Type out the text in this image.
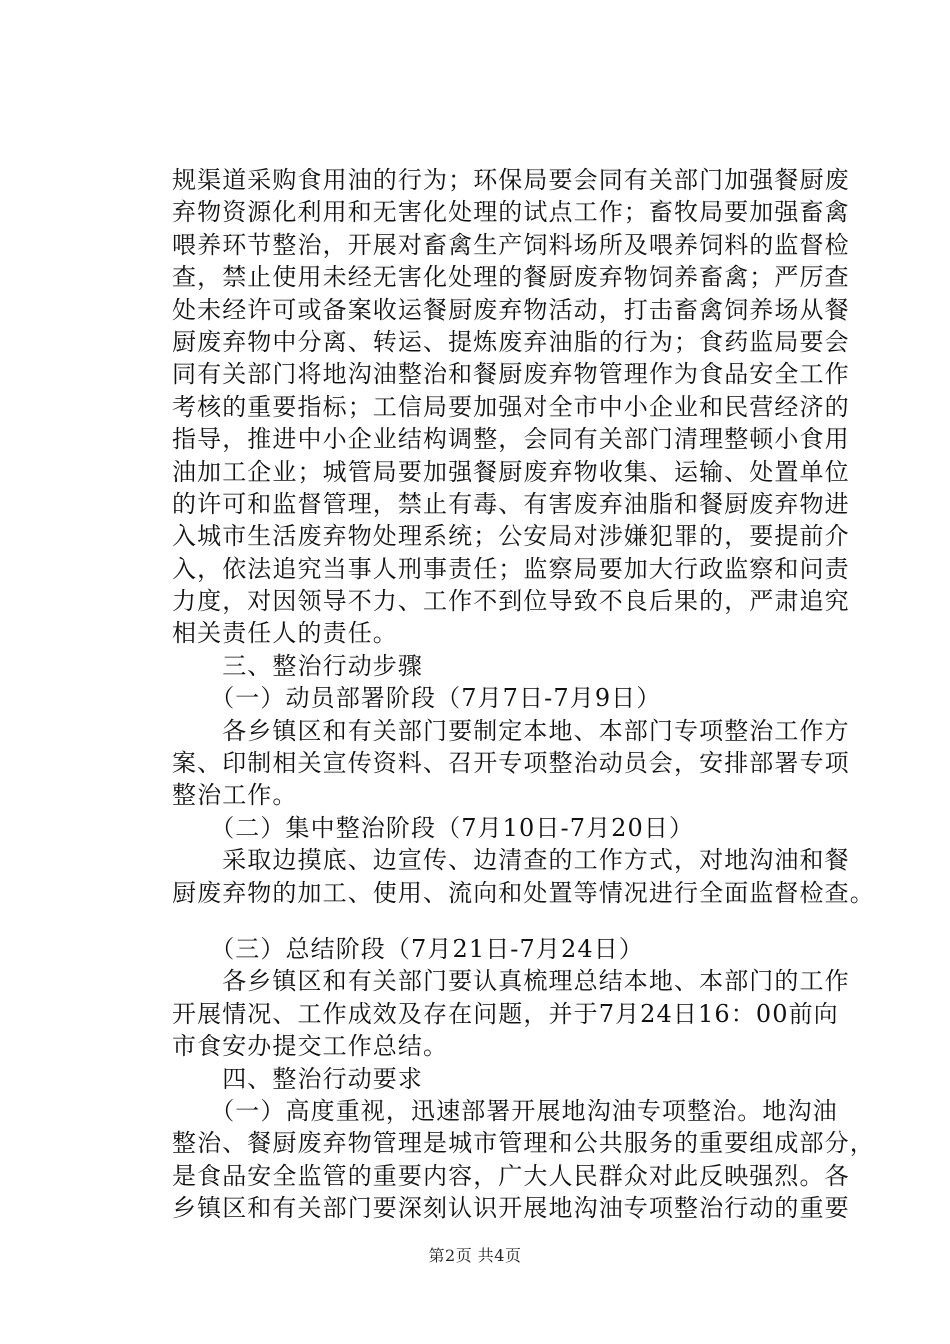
规渠道采购食用油的行为；环保局要会同有关部门加强餐厨废
弃物资源化利用和无害化处理的试点工作；畜牧局要加强畜禽
喂养环节整治，开展对畜禽生产饲料场所及喂养饲料的监督检
查，禁止使用未经无害化处理的餐厨废弃物饲养畜禽；严厉查
处未经许可或备案收运餐厨废弃物活动，打击畜禽饲养场从餐
厨废弃物中分离、转运、提炼废弃油脂的行为；食药监局要会
同有关部门将地沟油整治和餐厨废弃物管理作为食品安全工作
考核的重要指标；工信局要加强对全市中小企业和民营经济的
指导，推进中小企业结构调整，会同有关部门清理整顿小食用
油加工企业；城管局要加强餐厨废弃物收集、运输、处置单位
的许可和监督管理，禁止有毒、有害废弃油脂和餐厨废弃物进
入城市生活废弃物处理系统；公安局对涉嫌犯罪的，要提前介
入，依法追究当事人刑事责任；监察局要加大行政监察和问责
力度，对因领导不力、工作不到位导致不良后果的，严肃追究
相关责任人的责任。
　　三、整治行动步骤
　　（一）动员部署阶段（7月7日-7月9日）
　　各乡镇区和有关部门要制定本地、本部门专项整治工作方
案、印制相关宣传资料、召开专项整治动员会，安排部署专项
整治工作。
　　（二）集中整治阶段（7月10日-7月20日）
　　采取边摸底、边宣传、边清查的工作方式，对地沟油和餐
厨废弃物的加工、使用、流向和处置等情况进行全面监督检查。
　　（三）总结阶段（7月21日-7月24日）
　　各乡镇区和有关部门要认真梳理总结本地、本部门的工作
开展情况、工作成效及存在问题，并于7月24日16：00前向
市食安办提交工作总结。
　　四、整治行动要求
　　（一）高度重视，迅速部署开展地沟油专项整治。地沟油
整治、餐厨废弃物管理是城市管理和公共服务的重要组成部分，
是食品安全监管的重要内容，广大人民群众对此反映强烈。各
乡镇区和有关部门要深刻认识开展地沟油专项整治行动的重要
第2页 共4页
